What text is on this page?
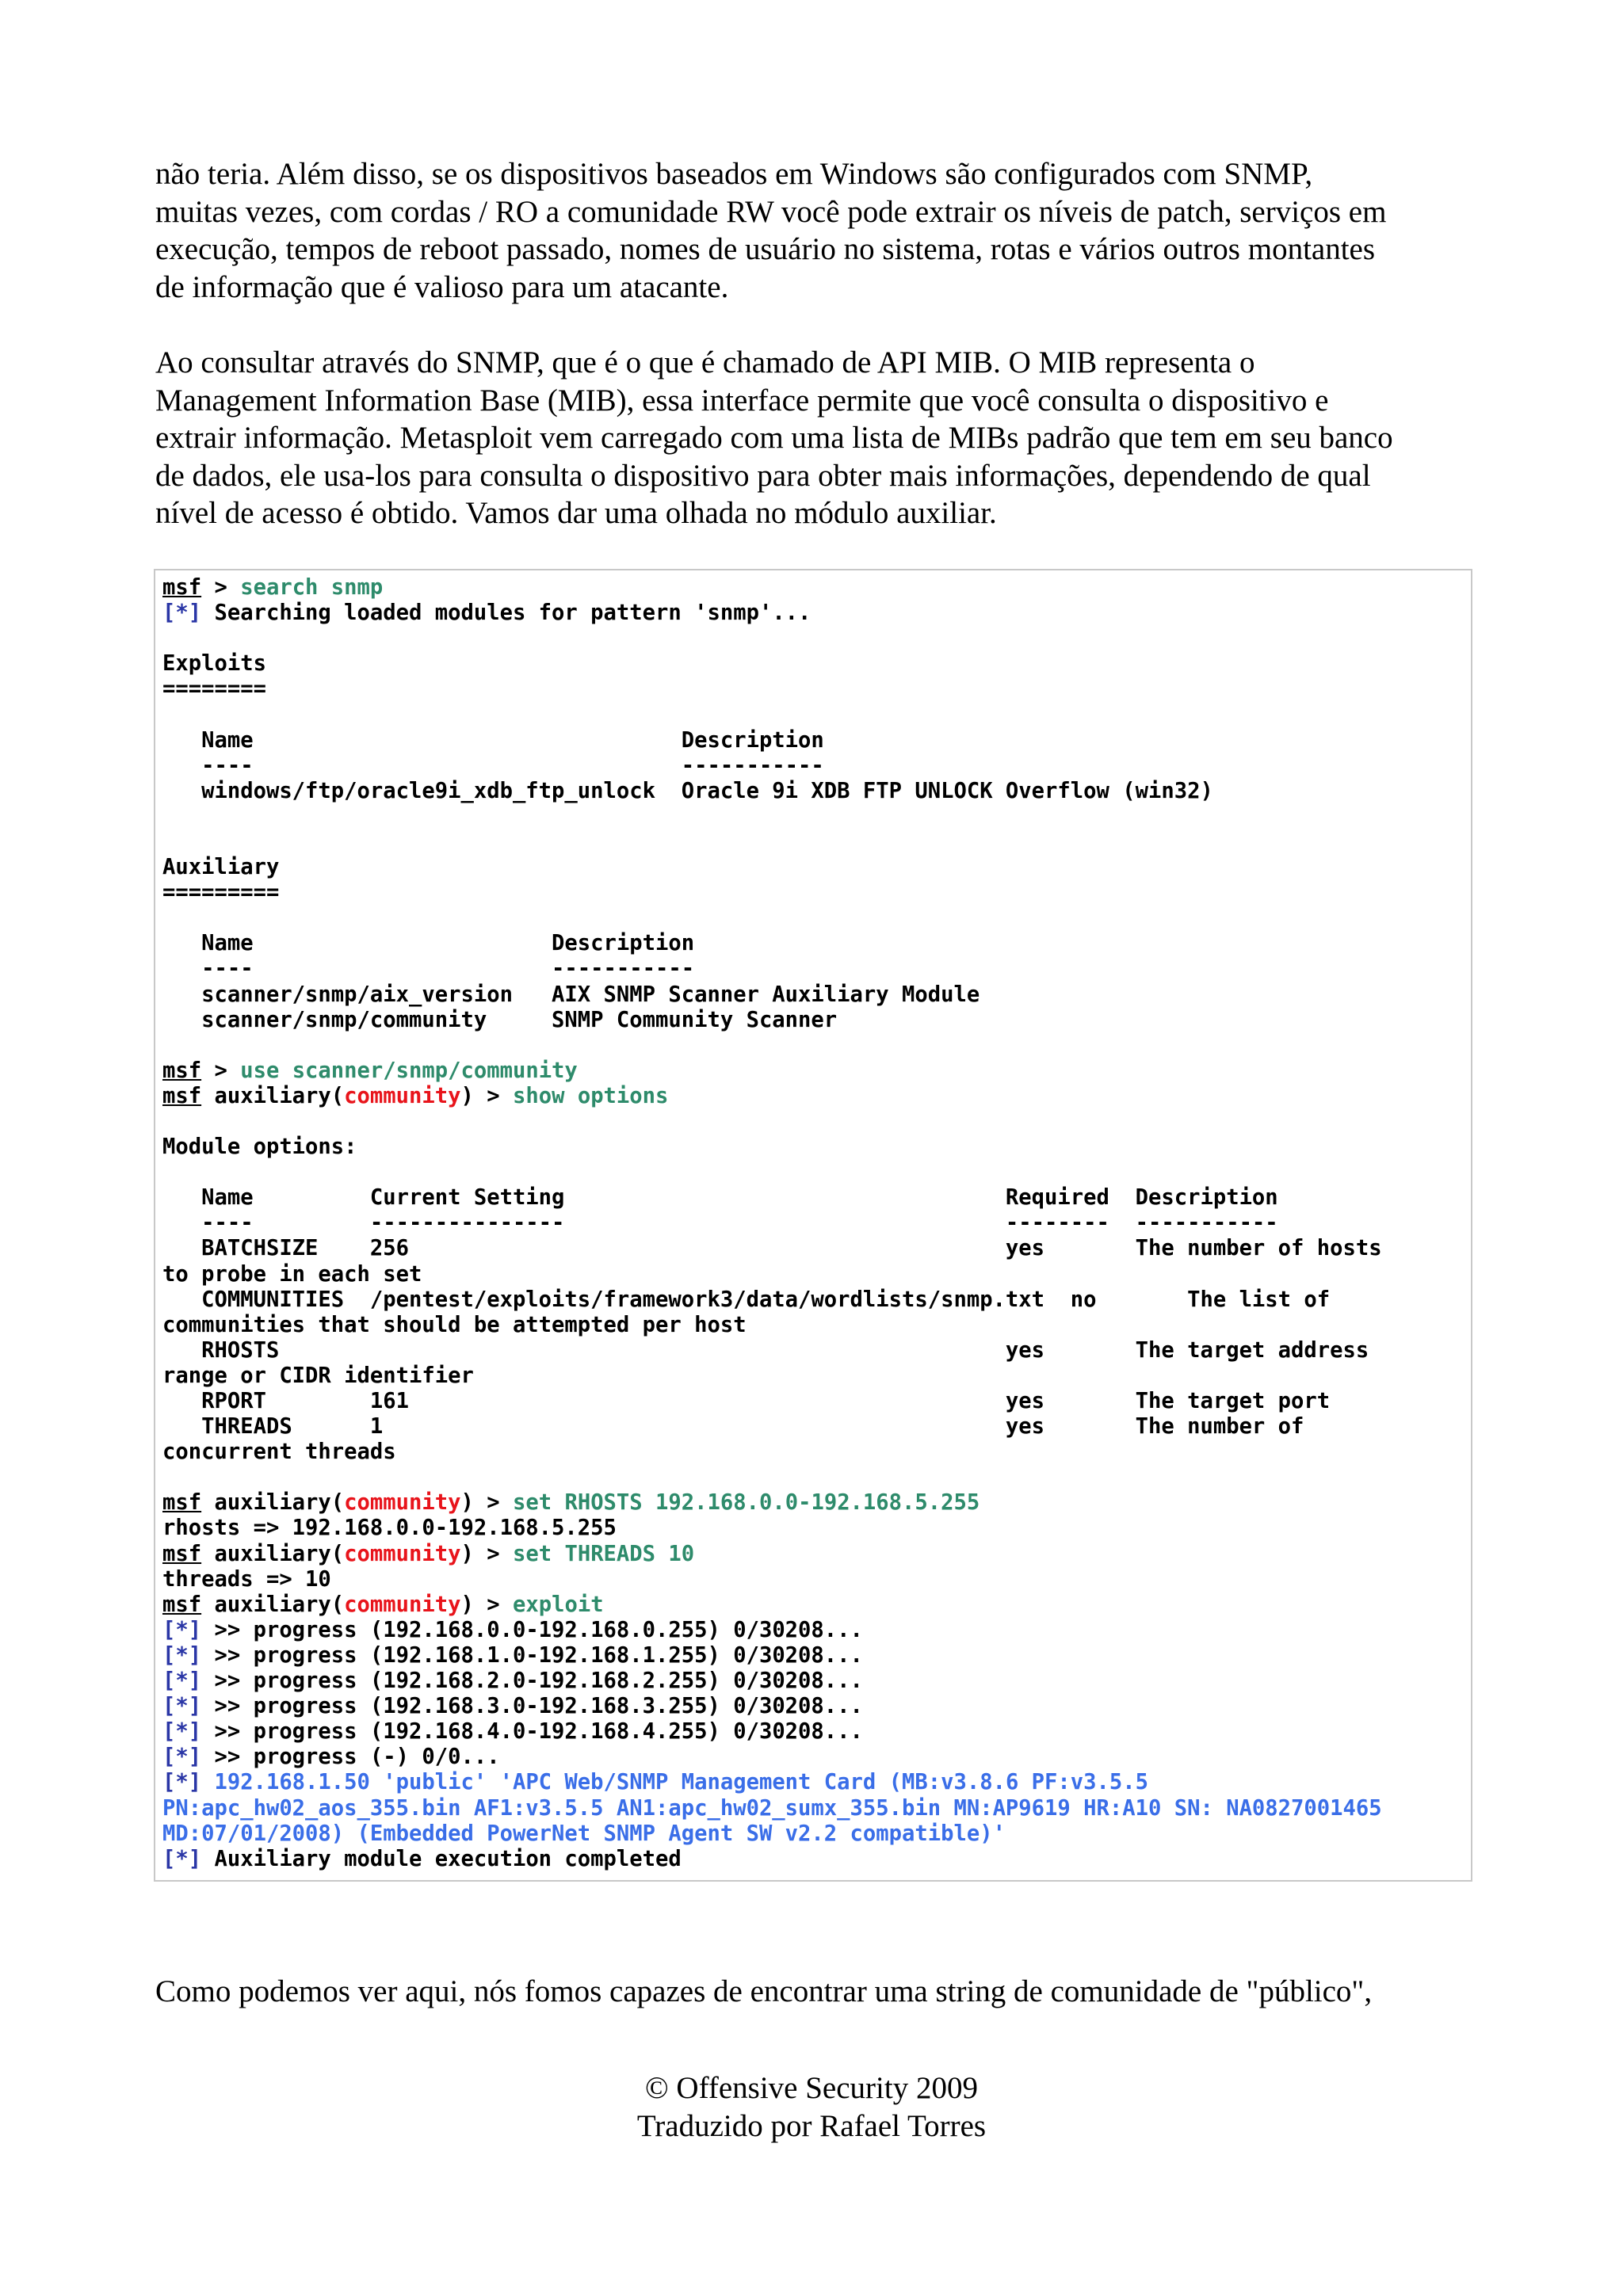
não teria. Além disso, se os dispositivos baseados em Windows são configurados com SNMP,
muitas vezes, com cordas / RO a comunidade RW você pode extrair os níveis de patch, serviços em
execução, tempos de reboot passado, nomes de usuário no sistema, rotas e vários outros montantes
de informação que é valioso para um atacante.
Ao consultar através do SNMP, que é o que é chamado de API MIB. O MIB representa o
Management Information Base (MIB), essa interface permite que você consulta o dispositivo e
extrair informação. Metasploit vem carregado com uma lista de MIBs padrão que tem em seu banco
de dados, ele usa-los para consulta o dispositivo para obter mais informações, dependendo de qual
nível de acesso é obtido. Vamos dar uma olhada no módulo auxiliar.
msf > search snmp
[*] Searching loaded modules for pattern 'snmp'...
Exploits
========
Name                                 Description
----                                 -----------
windows/ftp/oracle9i_xdb_ftp_unlock  Oracle 9i XDB FTP UNLOCK Overflow (win32)
Auxiliary
=========
Name                       Description
----                       -----------
scanner/snmp/aix_version   AIX SNMP Scanner Auxiliary Module
scanner/snmp/community     SNMP Community Scanner
msf > use scanner/snmp/community
msf auxiliary(community) > show options
Module options:
Name         Current Setting                                  Required  Description
----         ---------------                                  --------  -----------
BATCHSIZE    256                                              yes       The number of hosts
to probe in each set
COMMUNITIES  /pentest/exploits/framework3/data/wordlists/snmp.txt  no       The list of
communities that should be attempted per host
RHOSTS                                                        yes       The target address
range or CIDR identifier
RPORT        161                                              yes       The target port
THREADS      1                                                yes       The number of
concurrent threads
msf auxiliary(community) > set RHOSTS 192.168.0.0-192.168.5.255
rhosts => 192.168.0.0-192.168.5.255
msf auxiliary(community) > set THREADS 10
threads => 10
msf auxiliary(community) > exploit
[*] >> progress (192.168.0.0-192.168.0.255) 0/30208...
[*] >> progress (192.168.1.0-192.168.1.255) 0/30208...
[*] >> progress (192.168.2.0-192.168.2.255) 0/30208...
[*] >> progress (192.168.3.0-192.168.3.255) 0/30208...
[*] >> progress (192.168.4.0-192.168.4.255) 0/30208...
[*] >> progress (-) 0/0...
[*] 192.168.1.50 'public' 'APC Web/SNMP Management Card (MB:v3.8.6 PF:v3.5.5
PN:apc_hw02_aos_355.bin AF1:v3.5.5 AN1:apc_hw02_sumx_355.bin MN:AP9619 HR:A10 SN: NA0827001465
MD:07/01/2008) (Embedded PowerNet SNMP Agent SW v2.2 compatible)'
[*] Auxiliary module execution completed
Como podemos ver aqui, nós fomos capazes de encontrar uma string de comunidade de "público",
© Offensive Security 2009
Traduzido por Rafael Torres
